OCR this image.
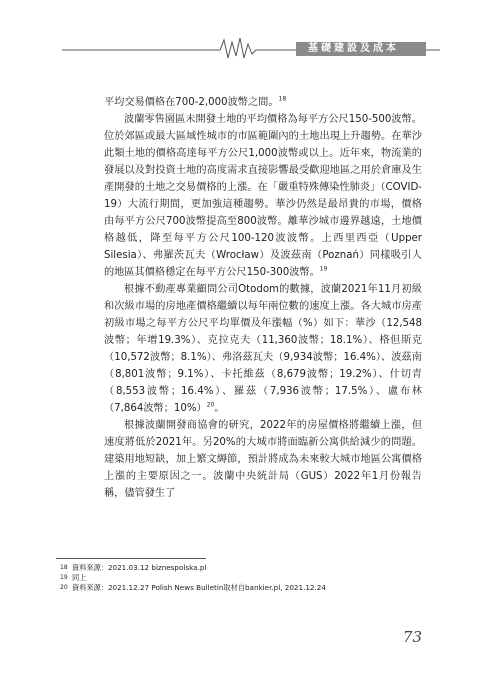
基礎建設及成本

平均交易價格在700-2,000波幣之間。$^{18}$

波蘭零售園區未開發土地的平均價格為每平方公尺150-500波幣。位於郊區或最大區域性城市的市區範圍內的土地出現上升趨勢。在華沙此類土地的價格高達每平方公尺1,000波幣或以上。近年來，物流業的發展以及對投資土地的高度需求直接影響最受歡迎地區之用於倉庫及生產開發的土地之交易價格的上漲。在「嚴重特殊傳染性肺炎」（COVID-19）大流行期間，更加強這種趨勢。華沙仍然是最昂貴的市場，價格由每平方公尺700波幣提高至800波幣。離華沙城市邊界越遠，土地價格越低，降至每平方公尺100-120波波幣。上西里西亞（Upper Silesia）、弗羅茨瓦夫（Wrocław）及波茲南（Poznań）同樣吸引人的地區其價格穩定在每平方公尺150-300波幣。$^{19}$

根據不動產專業顧問公司Otodom的數據，波蘭2021年11月初級和次級市場的房地產價格繼續以每年兩位數的速度上漲。各大城市房產初級市場之每平方公尺平均單價及年漲幅（%）如下：華沙（12,548波幣；年增19.3%）、克拉克夫（11,360波幣；18.1%）、格但斯克（10,572波幣；8.1%）、弗洛茲瓦夫（9,934波幣；16.4%）、波茲南（8,801波幣；9.1%）、卡托維茲（8,679波幣；19.2%）、什切青（8,553波幣；16.4%）、羅茲（7,936波幣；17.5%）、盧布林（7,864波幣；10%）$^{20}$。

根據波蘭開發商協會的研究，2022年的房屋價格將繼續上漲，但速度將低於2021年。另20%的大城市將面臨新公寓供給減少的問題。建築用地短缺，加上繁文縟節，預計將成為未來較大城市地區公寓價格上漲的主要原因之一。波蘭中央統計局（GUS）2022年1月份報告稱，儘管發生了

18 資料來源：2021.03.12 biznespolska.pl
19 同上
20 資料來源：2021.12.27 Polish News Bulletin取材自bankier.pl, 2021.12.24
73
